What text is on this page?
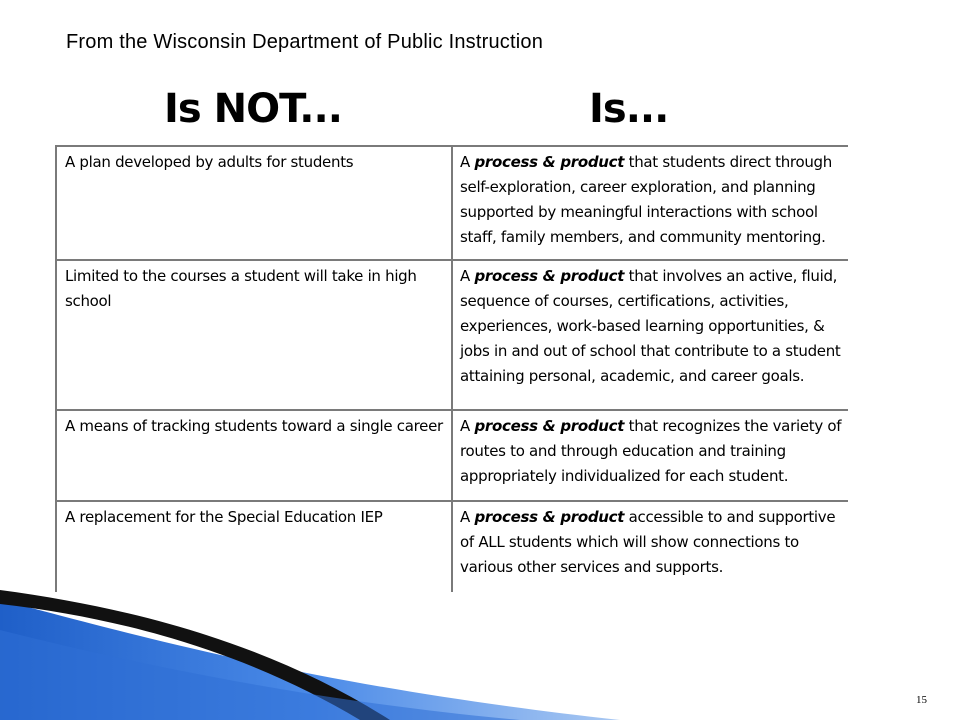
From the Wisconsin Department of Public Instruction
Is NOT...	Is...
A plan developed by adults for students	A process & product that students direct through self-exploration, career exploration, and planning supported by meaningful interactions with school staff, family members, and community mentoring.
Limited to the courses a student will take in high school	A process & product that involves an active, fluid, sequence of courses, certifications, activities, experiences, work-based learning opportunities, & jobs in and out of school that contribute to a student attaining personal, academic, and career goals.
A means of tracking students toward a single career	A process & product that recognizes the variety of routes to and through education and training appropriately individualized for each student.
A replacement for the Special Education IEP	A process & product accessible to and supportive of ALL students which will show connections to various other services and supports.
15
